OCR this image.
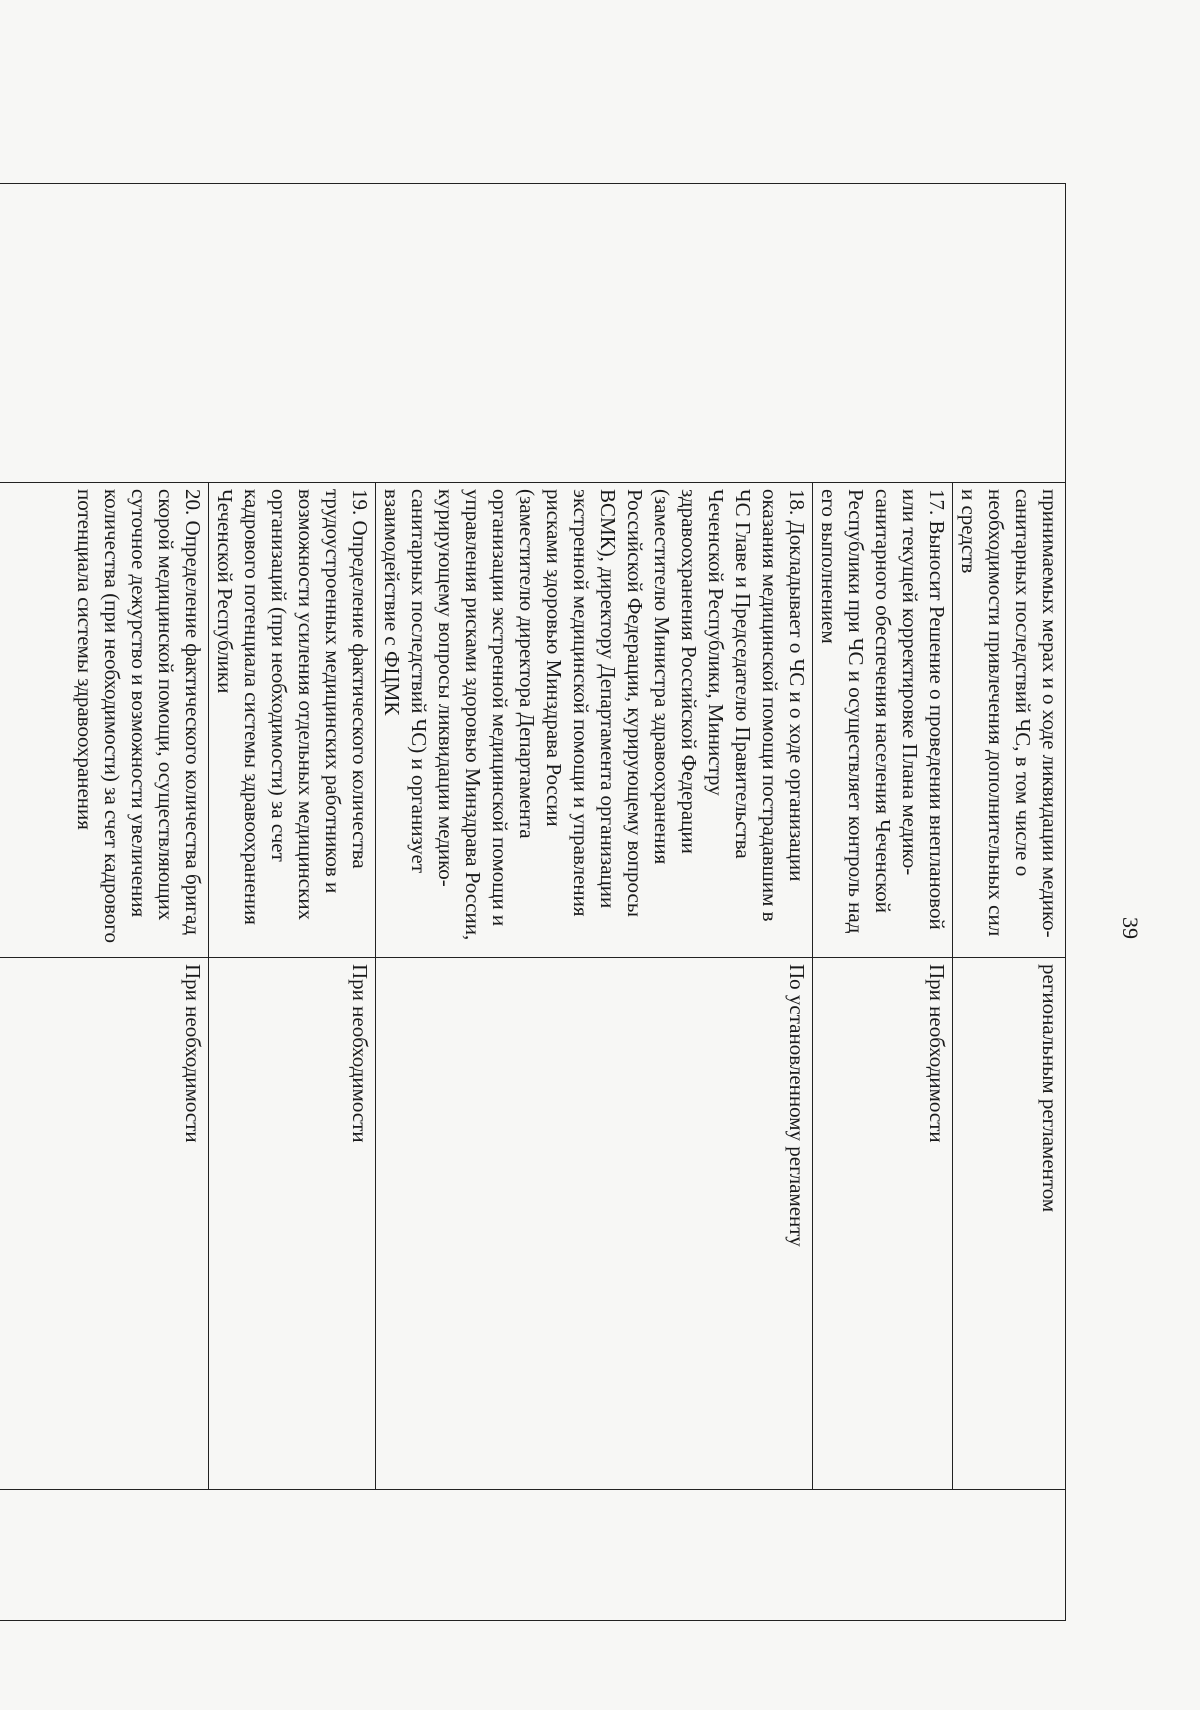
39
	принимаемых мерах и о ходе ликвидации медико-санитарных последствий ЧС, в том числе о необходимости привлечения дополнительных сил и средств	региональным регламентом	
	17. Выносит Решение о проведении внеплановой или текущей корректировке Плана медико-санитарного обеспечения населения Чеченской Республики при ЧС и осуществляет контроль над его выполнением	При необходимости	
	18. Докладывает о ЧС и о ходе организации оказания медицинской помощи пострадавшим в ЧС Главе и Председателю Правительства Чеченской Республики, Министру здравоохранения Российской Федерации (заместителю Министра здравоохранения Российской Федерации, курирующему вопросы ВСМК), директору Департамента организации экстренной медицинской помощи и управления рисками здоровью Минздрава России (заместителю директора Департамента организации экстренной медицинской помощи и управления рисками здоровью Минздрава России, курирующему вопросы ликвидации медико-санитарных последствий ЧС) и организует взаимодействие с ФЦМК	По установленному регламенту	
	19. Определение фактического количества трудоустроенных медицинских работников и возможности усиления отдельных медицинских организаций (при необходимости) за счет кадрового потенциала системы здравоохранения Чеченской Республики	При необходимости	
	20. Определение фактического количества бригад скорой медицинской помощи, осуществляющих суточное дежурство и возможности увеличения количества (при необходимости) за счет кадрового потенциала системы здравоохранения	При необходимости	
